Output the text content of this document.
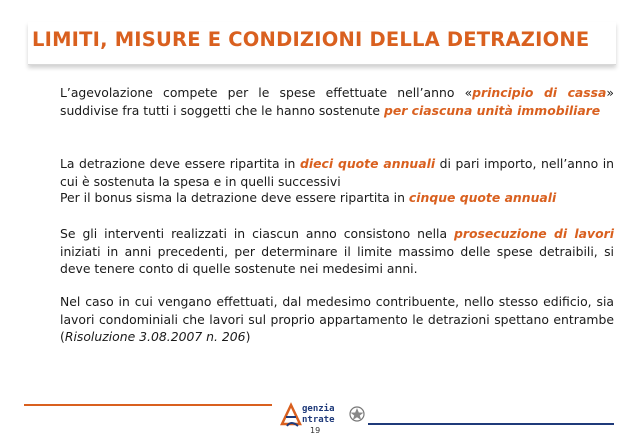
LIMITI, MISURE E CONDIZIONI DELLA DETRAZIONE

L’agevolazione compete per le spese effettuate nell’anno «principio di cassa» suddivise fra tutti i soggetti che le hanno sostenute per ciascuna unità immobiliare

La detrazione deve essere ripartita in dieci quote annuali di pari importo, nell’anno in cui è sostenuta la spesa e in quelli successivi

Per il bonus sisma la detrazione deve essere ripartita in cinque quote annuali

Se gli interventi realizzati in ciascun anno consistono nella prosecuzione di lavori iniziati in anni precedenti, per determinare il limite massimo delle spese detraibili, si deve tenere conto di quelle sostenute nei medesimi anni.

Nel caso in cui vengano effettuati, dal medesimo contribuente, nello stesso edificio, sia lavori condominiali che lavori sul proprio appartamento le detrazioni spettano entrambe (Risoluzione 3.08.2007 n. 206)

genzia
ntrate
19
